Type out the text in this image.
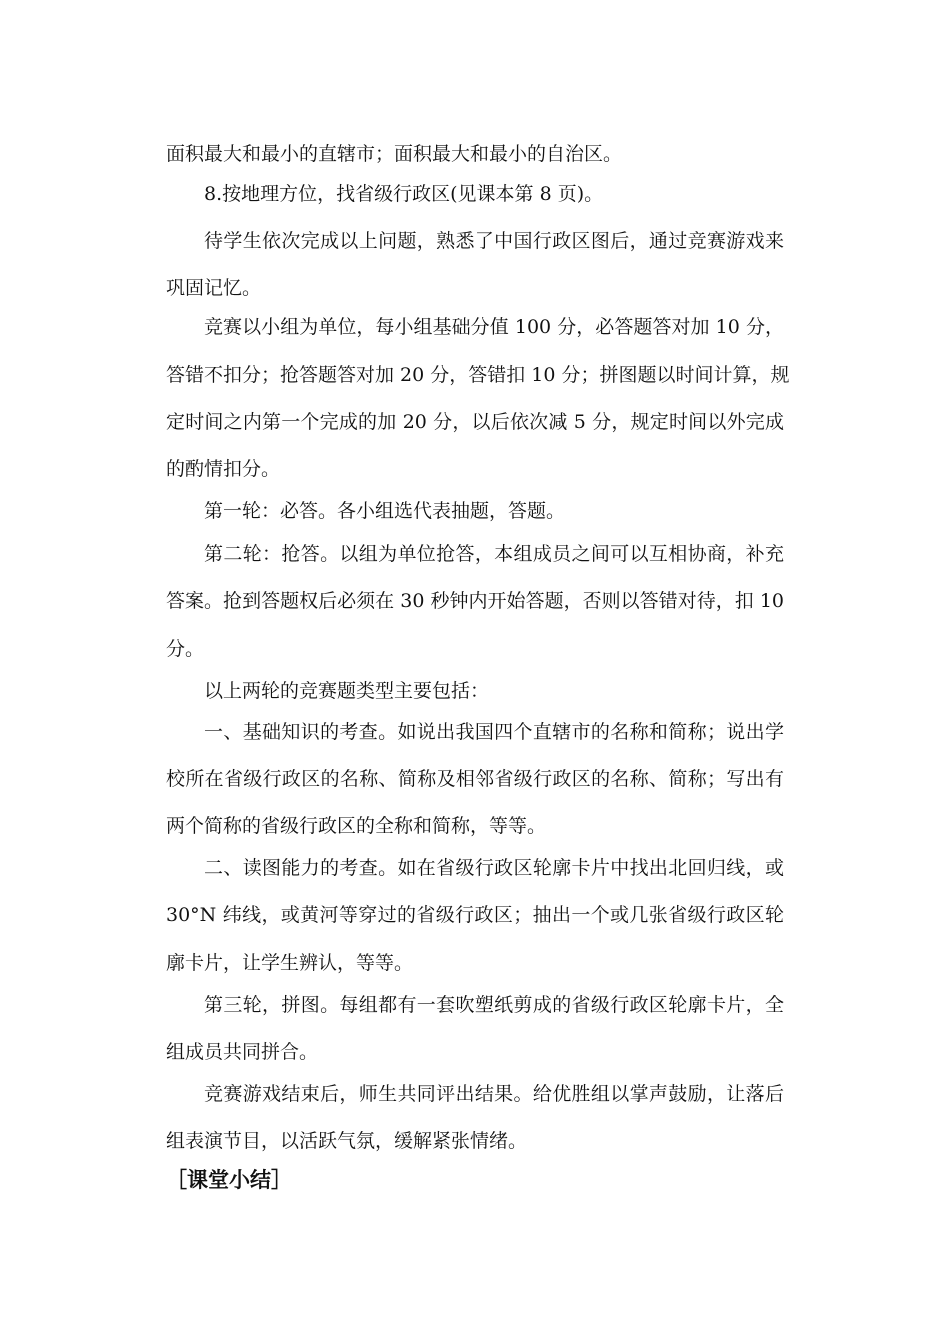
面积最大和最小的直辖市；面积最大和最小的自治区。
8.按地理方位，找省级行政区(见课本第 8 页)。
待学生依次完成以上问题，熟悉了中国行政区图后，通过竞赛游戏来
巩固记忆。
竞赛以小组为单位，每小组基础分值 100 分，必答题答对加 10 分，
答错不扣分；抢答题答对加 20 分，答错扣 10 分；拼图题以时间计算，规
定时间之内第一个完成的加 20 分，以后依次减 5 分，规定时间以外完成
的酌情扣分。
第一轮：必答。各小组选代表抽题，答题。
第二轮：抢答。以组为单位抢答，本组成员之间可以互相协商，补充
答案。抢到答题权后必须在 30 秒钟内开始答题，否则以答错对待，扣 10
分。
以上两轮的竞赛题类型主要包括：
一、基础知识的考查。如说出我国四个直辖市的名称和简称；说出学
校所在省级行政区的名称、简称及相邻省级行政区的名称、简称；写出有
两个简称的省级行政区的全称和简称，等等。
二、读图能力的考查。如在省级行政区轮廓卡片中找出北回归线，或
30°N 纬线，或黄河等穿过的省级行政区；抽出一个或几张省级行政区轮
廓卡片，让学生辨认，等等。
第三轮，拼图。每组都有一套吹塑纸剪成的省级行政区轮廓卡片，全
组成员共同拼合。
竞赛游戏结束后，师生共同评出结果。给优胜组以掌声鼓励，让落后
组表演节目，以活跃气氛，缓解紧张情绪。
［课堂小结］
